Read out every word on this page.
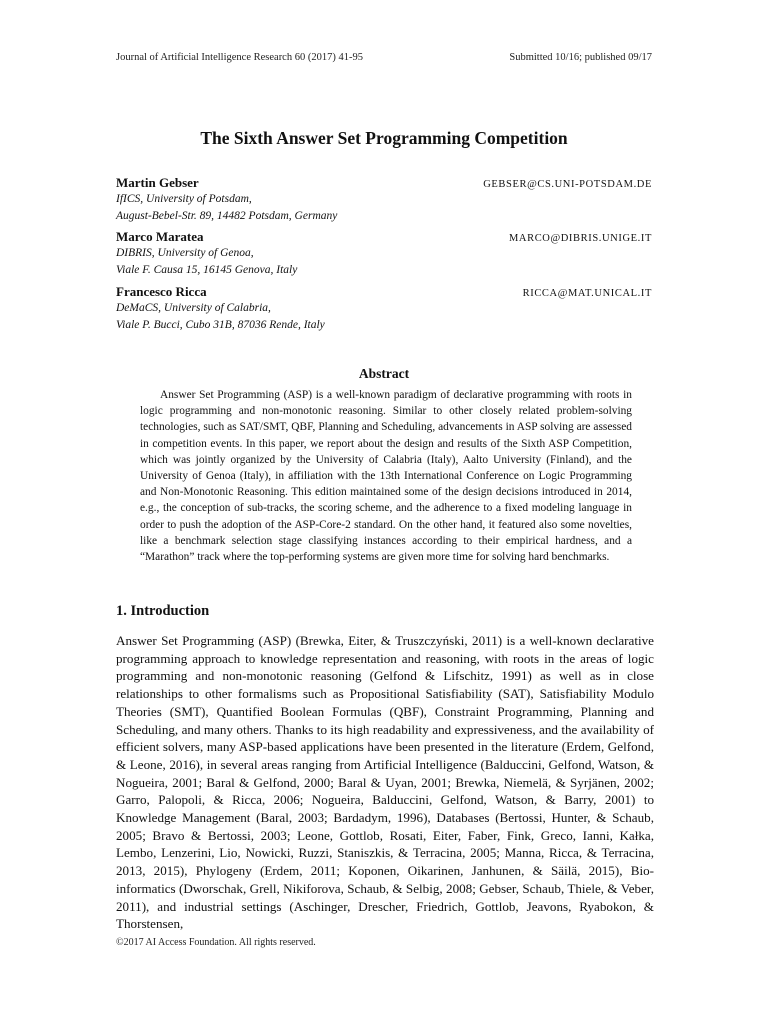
Journal of Artificial Intelligence Research 60 (2017) 41-95	Submitted 10/16; published 09/17
The Sixth Answer Set Programming Competition
Martin Gebser	GEBSER@CS.UNI-POTSDAM.DE
IfICS, University of Potsdam,
August-Bebel-Str. 89, 14482 Potsdam, Germany
Marco Maratea	MARCO@DIBRIS.UNIGE.IT
DIBRIS, University of Genoa,
Viale F. Causa 15, 16145 Genova, Italy
Francesco Ricca	RICCA@MAT.UNICAL.IT
DeMaCS, University of Calabria,
Viale P. Bucci, Cubo 31B, 87036 Rende, Italy
Abstract
Answer Set Programming (ASP) is a well-known paradigm of declarative programming with roots in logic programming and non-monotonic reasoning. Similar to other closely related problem-solving technologies, such as SAT/SMT, QBF, Planning and Scheduling, advancements in ASP solving are assessed in competition events. In this paper, we report about the design and results of the Sixth ASP Competition, which was jointly organized by the University of Calabria (Italy), Aalto University (Finland), and the University of Genoa (Italy), in affiliation with the 13th International Conference on Logic Programming and Non-Monotonic Reasoning. This edition maintained some of the design decisions introduced in 2014, e.g., the conception of sub-tracks, the scoring scheme, and the adherence to a fixed modeling language in order to push the adoption of the ASP-Core-2 standard. On the other hand, it featured also some novelties, like a benchmark selection stage classifying instances according to their empirical hardness, and a “Marathon” track where the top-performing systems are given more time for solving hard benchmarks.
1. Introduction
Answer Set Programming (ASP) (Brewka, Eiter, & Truszczyński, 2011) is a well-known declarative programming approach to knowledge representation and reasoning, with roots in the areas of logic programming and non-monotonic reasoning (Gelfond & Lifschitz, 1991) as well as in close relationships to other formalisms such as Propositional Satisfiability (SAT), Satisfiability Modulo Theories (SMT), Quantified Boolean Formulas (QBF), Constraint Programming, Planning and Scheduling, and many others. Thanks to its high readability and expressiveness, and the availability of efficient solvers, many ASP-based applications have been presented in the literature (Erdem, Gelfond, & Leone, 2016), in several areas ranging from Artificial Intelligence (Balduccini, Gelfond, Watson, & Nogueira, 2001; Baral & Gelfond, 2000; Baral & Uyan, 2001; Brewka, Niemelä, & Syrjänen, 2002; Garro, Palopoli, & Ricca, 2006; Nogueira, Balduccini, Gelfond, Watson, & Barry, 2001) to Knowledge Management (Baral, 2003; Bardadym, 1996), Databases (Bertossi, Hunter, & Schaub, 2005; Bravo & Bertossi, 2003; Leone, Gottlob, Rosati, Eiter, Faber, Fink, Greco, Ianni, Kałka, Lembo, Lenzerini, Lio, Nowicki, Ruzzi, Staniszkis, & Terracina, 2005; Manna, Ricca, & Terracina, 2013, 2015), Phylogeny (Erdem, 2011; Koponen, Oikarinen, Janhunen, & Säilä, 2015), Bio-informatics (Dworschak, Grell, Nikiforova, Schaub, & Selbig, 2008; Gebser, Schaub, Thiele, & Veber, 2011), and industrial settings (Aschinger, Drescher, Friedrich, Gottlob, Jeavons, Ryabokon, & Thorstensen,
©2017 AI Access Foundation. All rights reserved.
